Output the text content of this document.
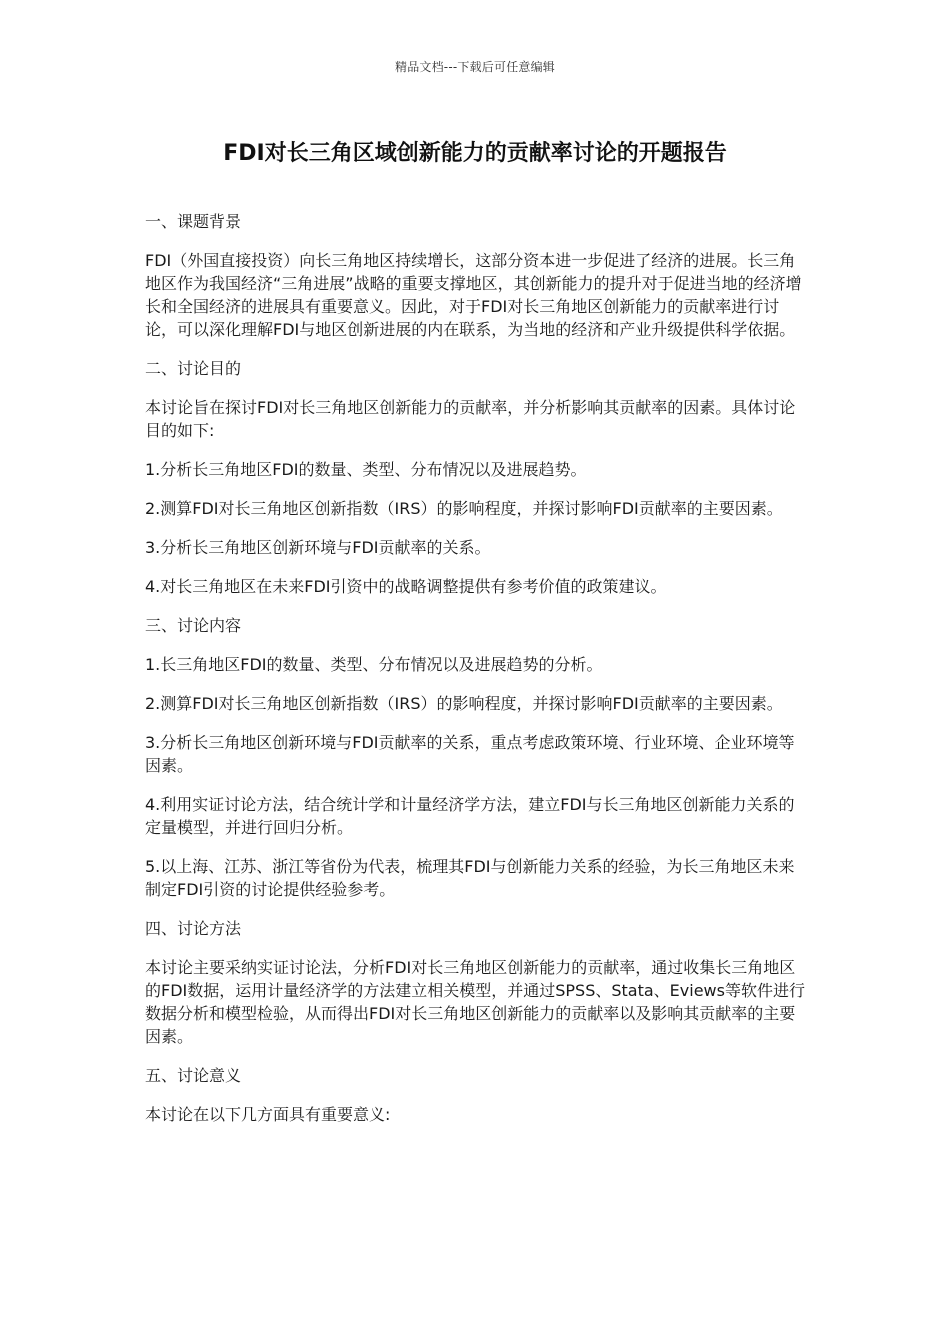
精品文档---下载后可任意编辑
FDI对长三角区域创新能力的贡献率讨论的开题报告

一、课题背景

FDI（外国直接投资）向长三角地区持续增长，这部分资本进一步促进了经济的进展。长三角地区作为我国经济“三角进展”战略的重要支撑地区，其创新能力的提升对于促进当地的经济增长和全国经济的进展具有重要意义。因此，对于FDI对长三角地区创新能力的贡献率进行讨论，可以深化理解FDI与地区创新进展的内在联系，为当地的经济和产业升级提供科学依据。

二、讨论目的

本讨论旨在探讨FDI对长三角地区创新能力的贡献率，并分析影响其贡献率的因素。具体讨论目的如下:

1.分析长三角地区FDI的数量、类型、分布情况以及进展趋势。

2.测算FDI对长三角地区创新指数（IRS）的影响程度，并探讨影响FDI贡献率的主要因素。

3.分析长三角地区创新环境与FDI贡献率的关系。

4.对长三角地区在未来FDI引资中的战略调整提供有参考价值的政策建议。

三、讨论内容

1.长三角地区FDI的数量、类型、分布情况以及进展趋势的分析。

2.测算FDI对长三角地区创新指数（IRS）的影响程度，并探讨影响FDI贡献率的主要因素。

3.分析长三角地区创新环境与FDI贡献率的关系，重点考虑政策环境、行业环境、企业环境等因素。

4.利用实证讨论方法，结合统计学和计量经济学方法，建立FDI与长三角地区创新能力关系的定量模型，并进行回归分析。

5.以上海、江苏、浙江等省份为代表，梳理其FDI与创新能力关系的经验，为长三角地区未来制定FDI引资的讨论提供经验参考。

四、讨论方法

本讨论主要采纳实证讨论法，分析FDI对长三角地区创新能力的贡献率，通过收集长三角地区的FDI数据，运用计量经济学的方法建立相关模型，并通过SPSS、Stata、Eviews等软件进行数据分析和模型检验，从而得出FDI对长三角地区创新能力的贡献率以及影响其贡献率的主要因素。

五、讨论意义

本讨论在以下几方面具有重要意义:
